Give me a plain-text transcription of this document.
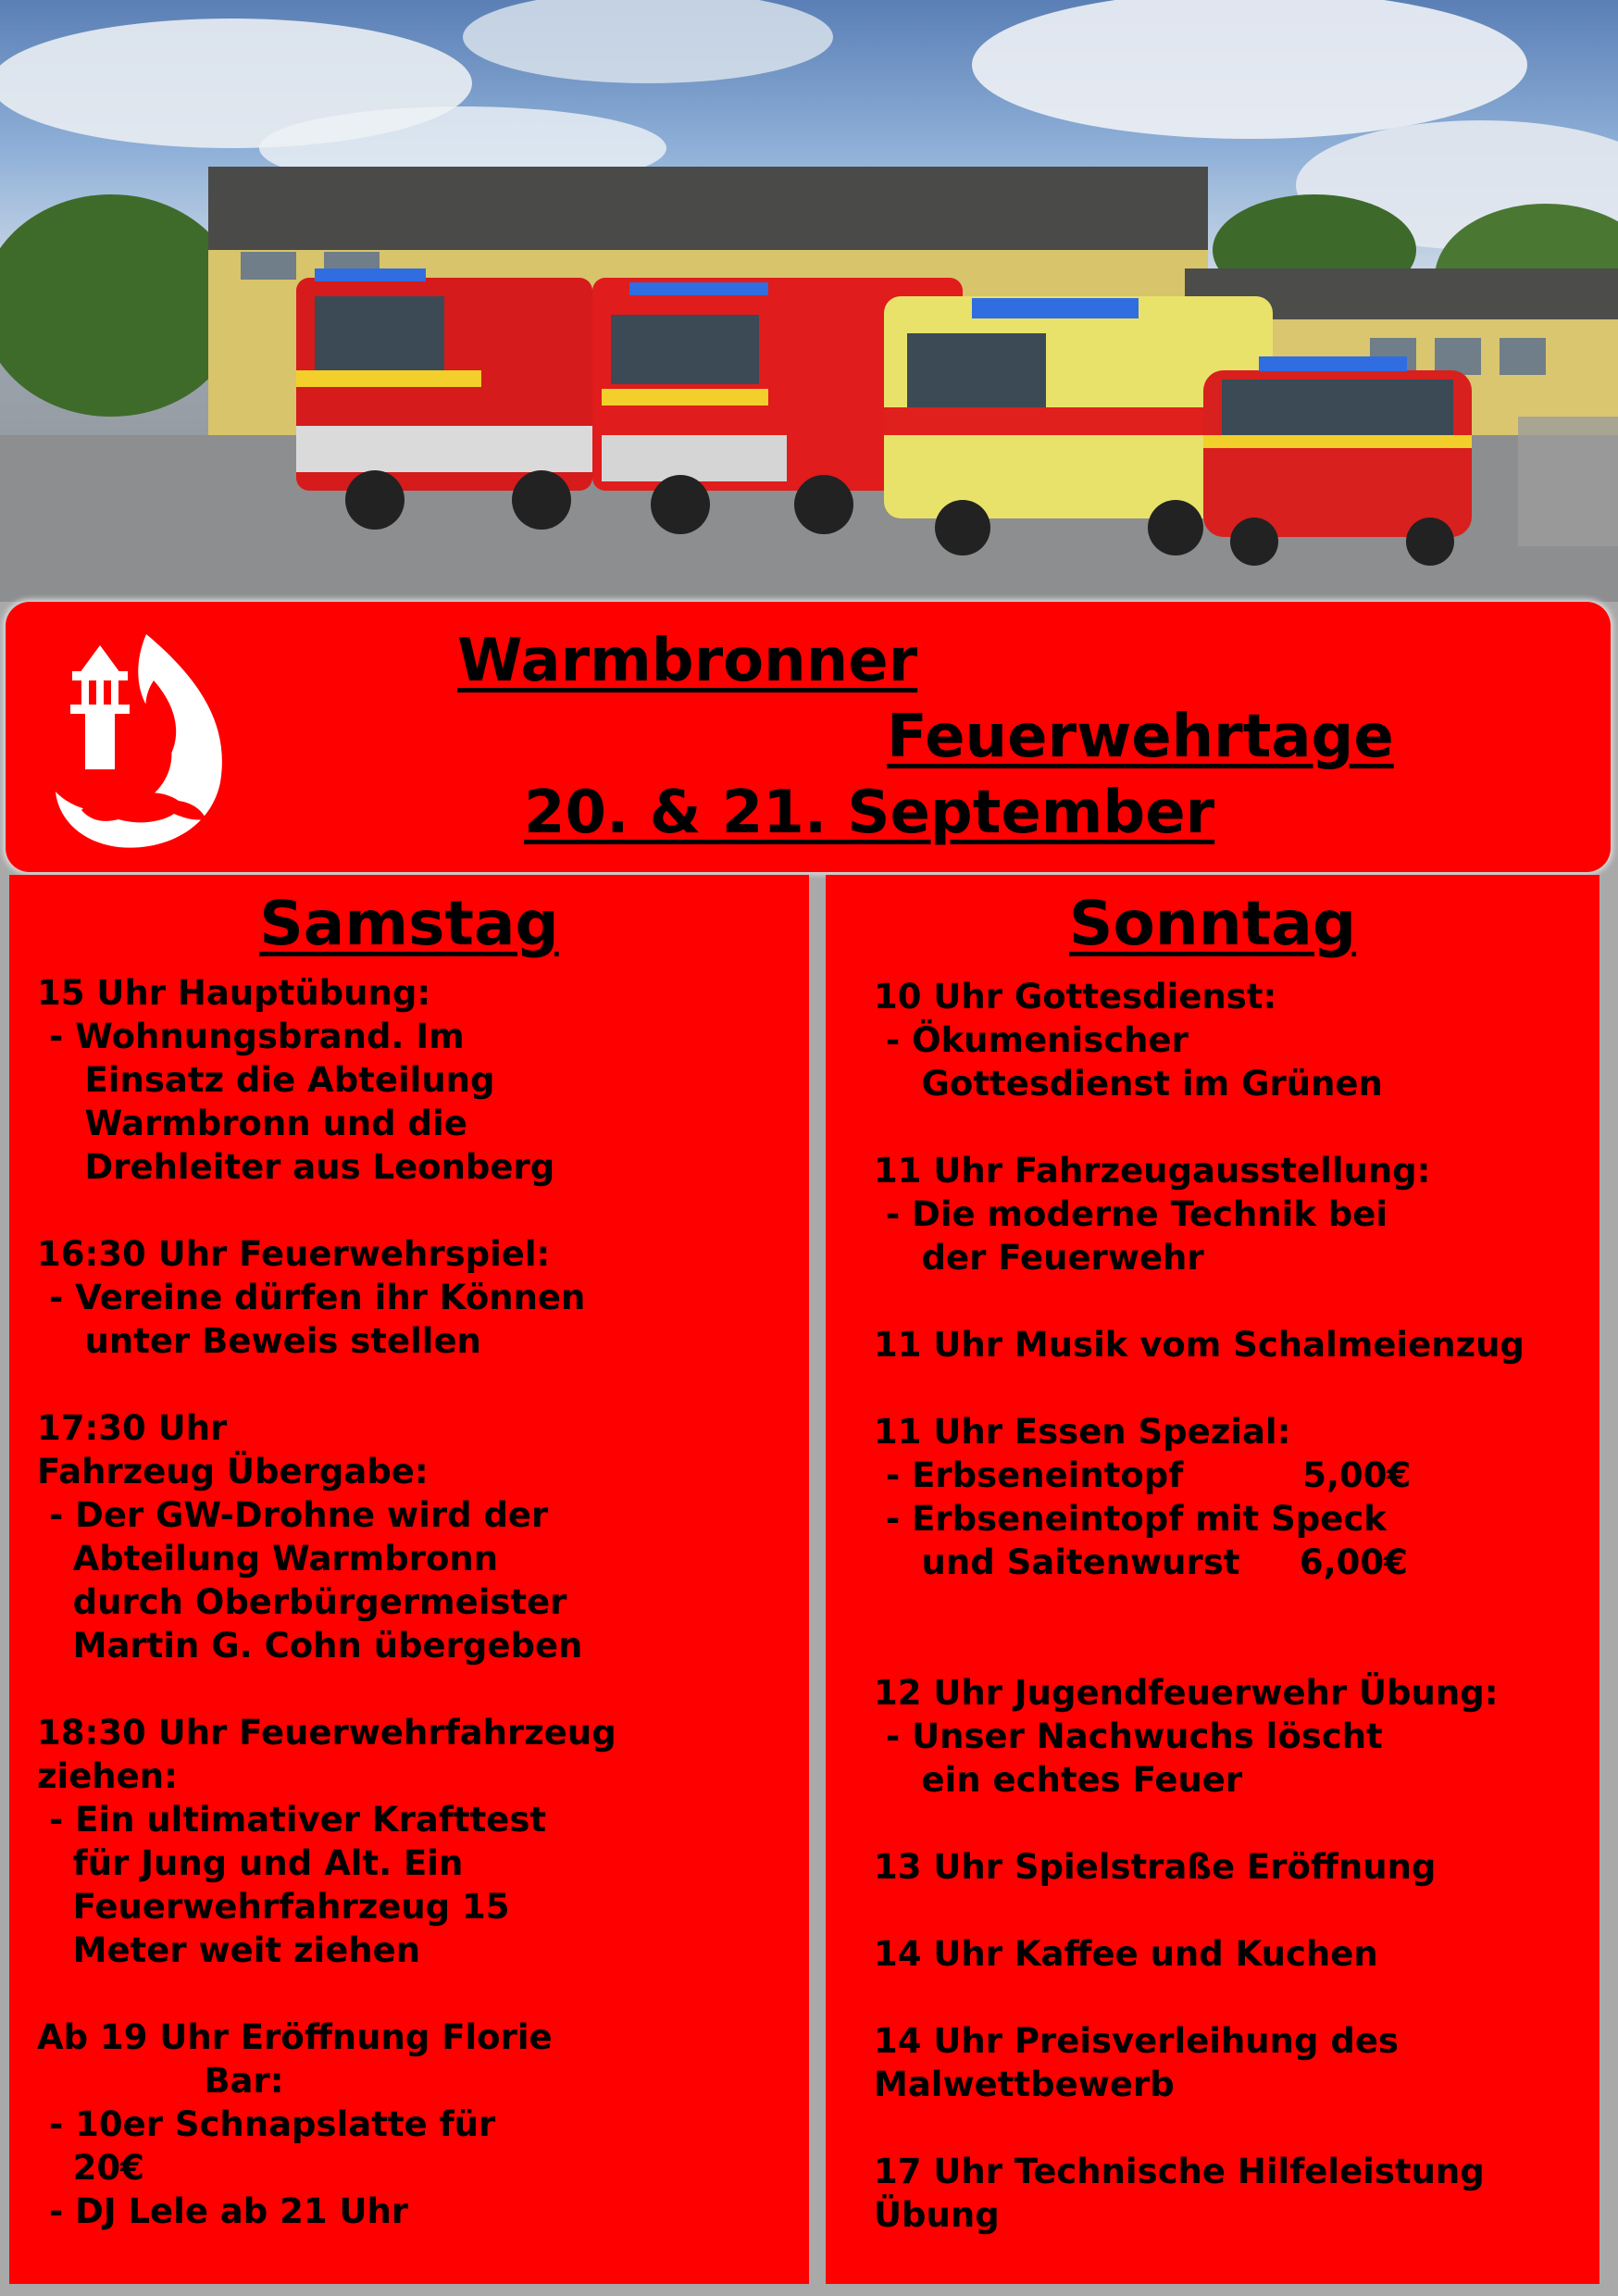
Warmbronner
Feuerwehrtage
20. & 21. September
Samstag
15 Uhr Hauptübung:
- Wohnungsbrand. Im
Einsatz die Abteilung
Warmbronn und die
Drehleiter aus Leonberg
16:30 Uhr Feuerwehrspiel:
- Vereine dürfen ihr Können
unter Beweis stellen
17:30 Uhr
Fahrzeug Übergabe:
- Der GW-Drohne wird der
Abteilung Warmbronn
durch Oberbürgermeister
Martin G. Cohn übergeben
18:30 Uhr Feuerwehrfahrzeug
ziehen:
- Ein ultimativer Krafttest
für Jung und Alt. Ein
Feuerwehrfahrzeug 15
Meter weit ziehen
Ab 19 Uhr Eröffnung Florie
Bar:
- 10er Schnapslatte für
20€
- DJ Lele ab 21 Uhr
Sonntag
10 Uhr Gottesdienst:
- Ökumenischer
Gottesdienst im Grünen
11 Uhr Fahrzeugausstellung:
- Die moderne Technik bei
der Feuerwehr
11 Uhr Musik vom Schalmeienzug
11 Uhr Essen Spezial:
- Erbseneintopf          5,00€
- Erbseneintopf mit Speck
und Saitenwurst     6,00€
12 Uhr Jugendfeuerwehr Übung:
- Unser Nachwuchs löscht
ein echtes Feuer
13 Uhr Spielstraße Eröffnung
14 Uhr Kaffee und Kuchen
14 Uhr Preisverleihung des
Malwettbewerb
17 Uhr Technische Hilfeleistung
Übung
